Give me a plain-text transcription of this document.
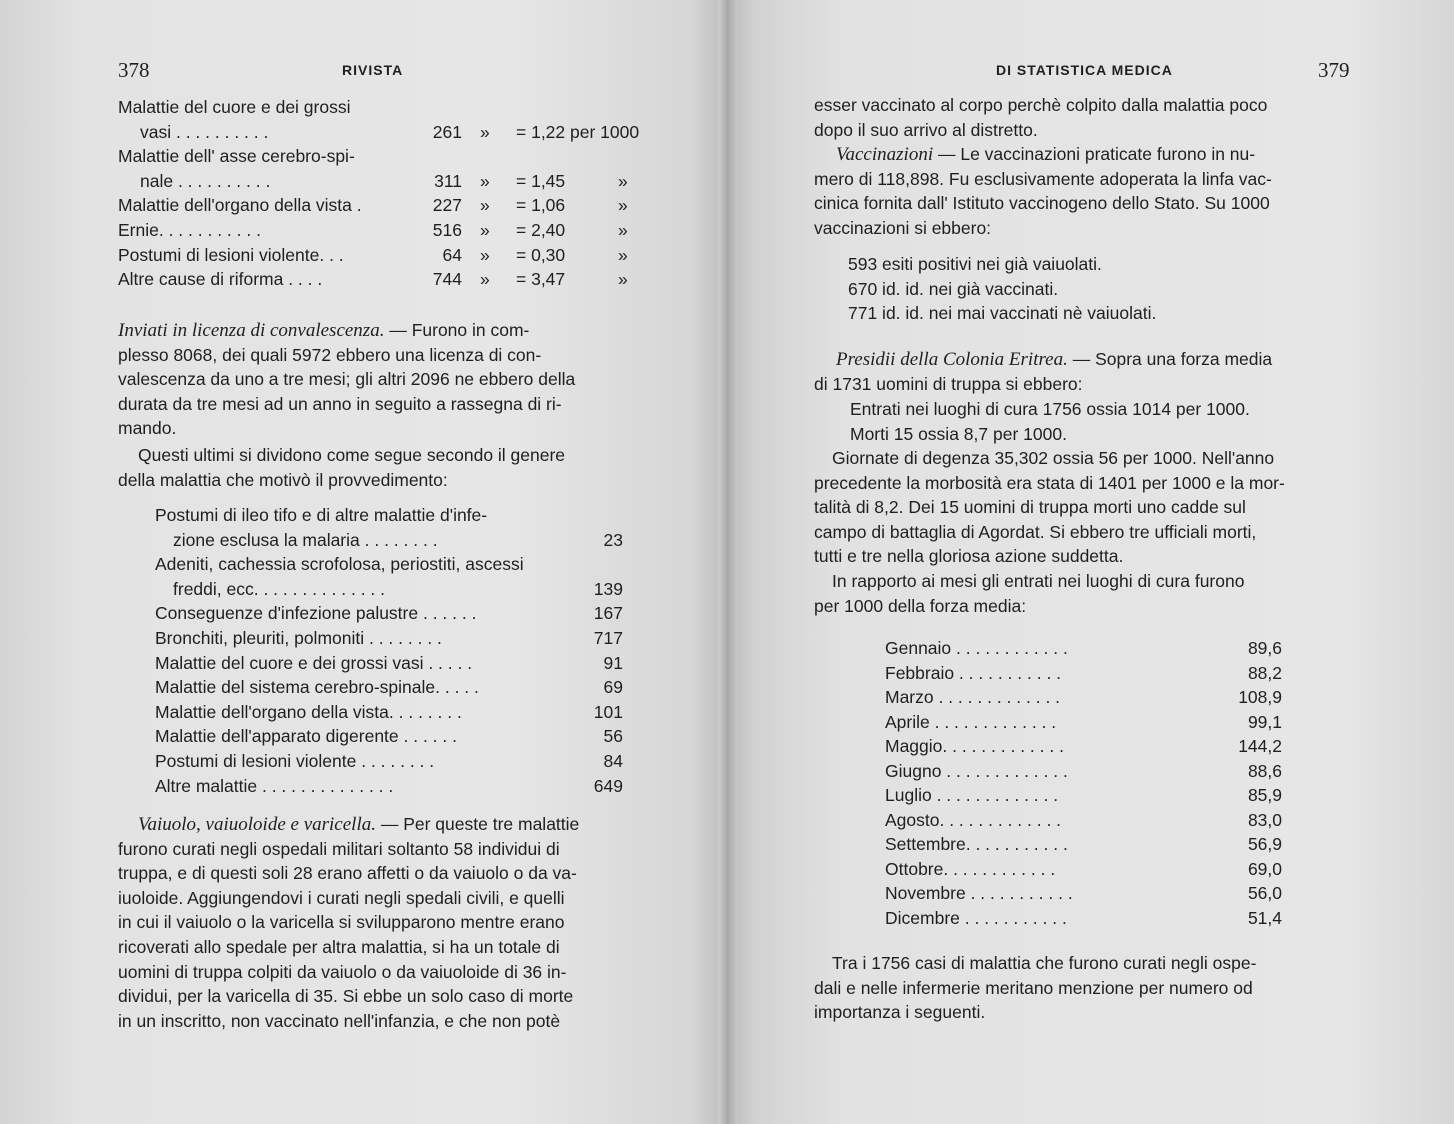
378	RIVISTA
Malattie del cuore e dei grossi
vasi . . . . . . . . . .	261 » = 1,22 per 1000
Malattie dell' asse cerebro-spi-
nale . . . . . . . . . .	311 » = 1,45	»
Malattie dell'organo della vista .	227 » = 1,06	»
Ernie. . . . . . . . . . .	516 » = 2,40	»
Postumi di lesioni violente. . .	64 » = 0,30	»
Altre cause di riforma . . . .	744 » = 3,47	»
Inviati in licenza di convalescenza. — Furono in com-
plesso 8068, dei quali 5972 ebbero una licenza di con-
valescenza da uno a tre mesi; gli altri 2096 ne ebbero della
durata da tre mesi ad un anno in seguito a rassegna di ri-
mando.
Questi ultimi si dividono come segue secondo il genere
della malattia che motivò il provvedimento:
Postumi di ileo tifo e di altre malattie d'infe-
zione esclusa la malaria . . . . . . . .	23
Adeniti, cachessia scrofolosa, periostiti, ascessi
freddi, ecc. . . . . . . . . . . . . .	139
Conseguenze d'infezione palustre . . . . . .	167
Bronchiti, pleuriti, polmoniti . . . . . . . .	717
Malattie del cuore e dei grossi vasi . . . . .	91
Malattie del sistema cerebro-spinale. . . . .	69
Malattie dell'organo della vista. . . . . . . .	101
Malattie dell'apparato digerente . . . . . .	56
Postumi di lesioni violente . . . . . . . .	84
Altre malattie . . . . . . . . . . . . . .	649
Vaiuolo, vaiuoloide e varicella. — Per queste tre malattie
furono curati negli ospedali militari soltanto 58 individui di
truppa, e di questi soli 28 erano affetti o da vaiuolo o da va-
iuoloide. Aggiungendovi i curati negli spedali civili, e quelli
in cui il vaiuolo o la varicella si svilupparono mentre erano
ricoverati allo spedale per altra malattia, si ha un totale di
uomini di truppa colpiti da vaiuolo o da vaiuoloide di 36 in-
dividui, per la varicella di 35. Si ebbe un solo caso di morte
in un inscritto, non vaccinato nell'infanzia, e che non potè
DI STATISTICA MEDICA	379
esser vaccinato al corpo perchè colpito dalla malattia poco
dopo il suo arrivo al distretto.
Vaccinazioni — Le vaccinazioni praticate furono in nu-
mero di 118,898. Fu esclusivamente adoperata la linfa vac-
cinica fornita dall' Istituto vaccinogeno dello Stato. Su 1000
vaccinazioni si ebbero:
593 esiti positivi nei già vaiuolati.
670 id. id. nei già vaccinati.
771 id. id. nei mai vaccinati nè vaiuolati.
Presidii della Colonia Eritrea. — Sopra una forza media
di 1731 uomini di truppa si ebbero:
Entrati nei luoghi di cura 1756 ossia 1014 per 1000.
Morti 15 ossia 8,7 per 1000.
Giornate di degenza 35,302 ossia 56 per 1000. Nell'anno
precedente la morbosità era stata di 1401 per 1000 e la mor-
talità di 8,2. Dei 15 uomini di truppa morti uno cadde sul
campo di battaglia di Agordat. Si ebbero tre ufficiali morti,
tutti e tre nella gloriosa azione suddetta.
In rapporto ai mesi gli entrati nei luoghi di cura furono
per 1000 della forza media:
Gennaio . . . . . . . . . . . .	89,6
Febbraio . . . . . . . . . . .	88,2
Marzo . . . . . . . . . . . . .	108,9
Aprile . . . . . . . . . . . . .	99,1
Maggio. . . . . . . . . . . . .	144,2
Giugno . . . . . . . . . . . . .	88,6
Luglio . . . . . . . . . . . . .	85,9
Agosto. . . . . . . . . . . . .	83,0
Settembre. . . . . . . . . . .	56,9
Ottobre. . . . . . . . . . . .	69,0
Novembre . . . . . . . . . . .	56,0
Dicembre . . . . . . . . . . .	51,4
Tra i 1756 casi di malattia che furono curati negli ospe-
dali e nelle infermerie meritano menzione per numero od
importanza i seguenti.
